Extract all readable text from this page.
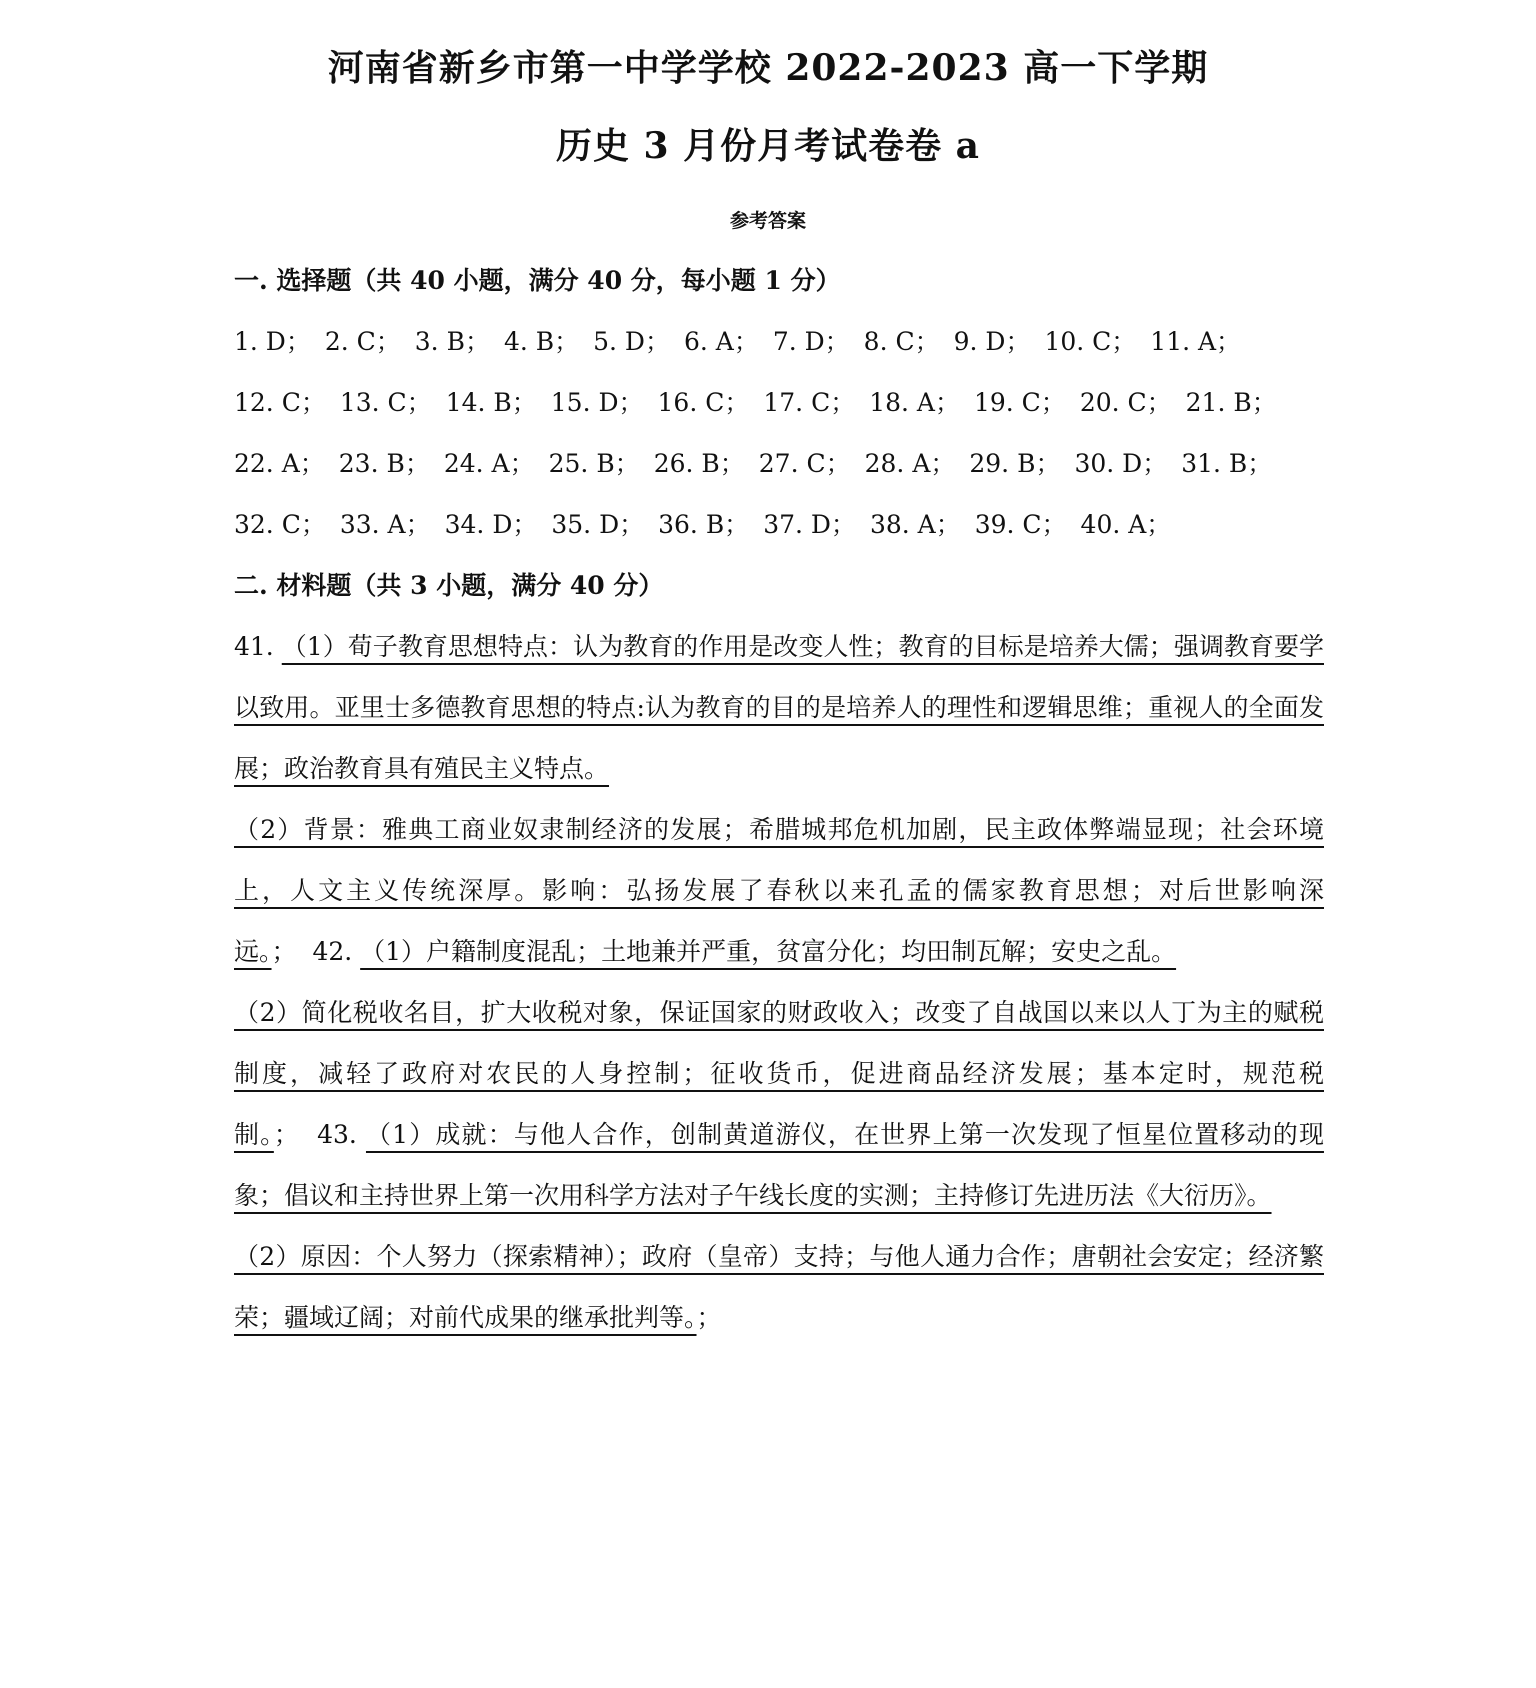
河南省新乡市第一中学学校 2022-2023 高一下学期
历史 3 月份月考试卷卷 a
参考答案
一. 选择题（共 40 小题，满分 40 分，每小题 1 分）
1. D； 2. C； 3. B； 4. B； 5. D； 6. A； 7. D； 8. C； 9. D； 10. C； 11. A；
12. C； 13. C； 14. B； 15. D； 16. C； 17. C； 18. A； 19. C； 20. C； 21. B；
22. A； 23. B； 24. A； 25. B； 26. B； 27. C； 28. A； 29. B； 30. D； 31. B；
32. C； 33. A； 34. D； 35. D； 36. B； 37. D； 38. A； 39. C； 40. A；
二. 材料题（共 3 小题，满分 40 分）
41. （1）荀子教育思想特点：认为教育的作用是改变人性；教育的目标是培养大儒；强调教育要学以致用。亚里士多德教育思想的特点:认为教育的目的是培养人的理性和逻辑思维；重视人的全面发展；政治教育具有殖民主义特点。
（2）背景：雅典工商业奴隶制经济的发展；希腊城邦危机加剧，民主政体弊端显现；社会环境上，人文主义传统深厚。影响：弘扬发展了春秋以来孔孟的儒家教育思想；对后世影响深远。； 42. （1）户籍制度混乱；土地兼并严重，贫富分化；均田制瓦解；安史之乱。
（2）简化税收名目，扩大收税对象，保证国家的财政收入；改变了自战国以来以人丁为主的赋税制度，减轻了政府对农民的人身控制；征收货币，促进商品经济发展；基本定时，规范税制。； 43. （1）成就：与他人合作，创制黄道游仪，在世界上第一次发现了恒星位置移动的现象；倡议和主持世界上第一次用科学方法对子午线长度的实测；主持修订先进历法《大衍历》。
（2）原因：个人努力（探索精神）；政府（皇帝）支持；与他人通力合作；唐朝社会安定；经济繁荣；疆域辽阔；对前代成果的继承批判等。；
